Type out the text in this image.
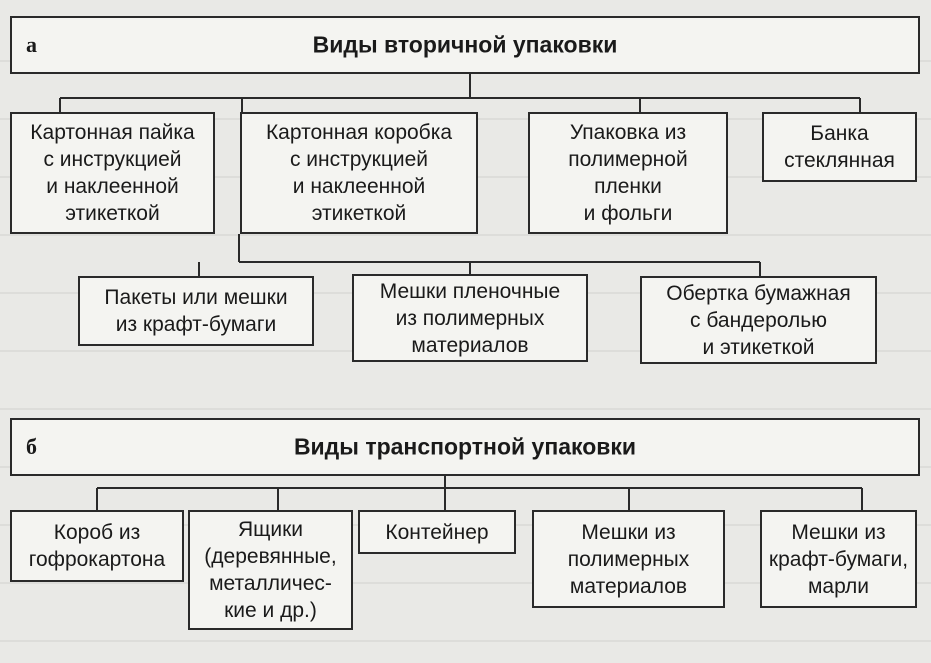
а	Виды вторичной упаковки
Картонная пайка
с инструкцией
и наклеенной
этикеткой
Картонная коробка
с инструкцией
и наклеенной
этикеткой
Упаковка из
полимерной
пленки
и фольги
Банка
стеклянная
Пакеты или мешки
из крафт-бумаги
Мешки пленочные
из полимерных
материалов
Обертка бумажная
с бандеролью
и этикеткой
б	Виды транспортной упаковки
Короб из
гофрокартона
Ящики
(деревянные,
металличес-
кие и др.)
Контейнер	Мешки из
полимерных
материалов
Мешки из
крафт-бумаги,
марли
